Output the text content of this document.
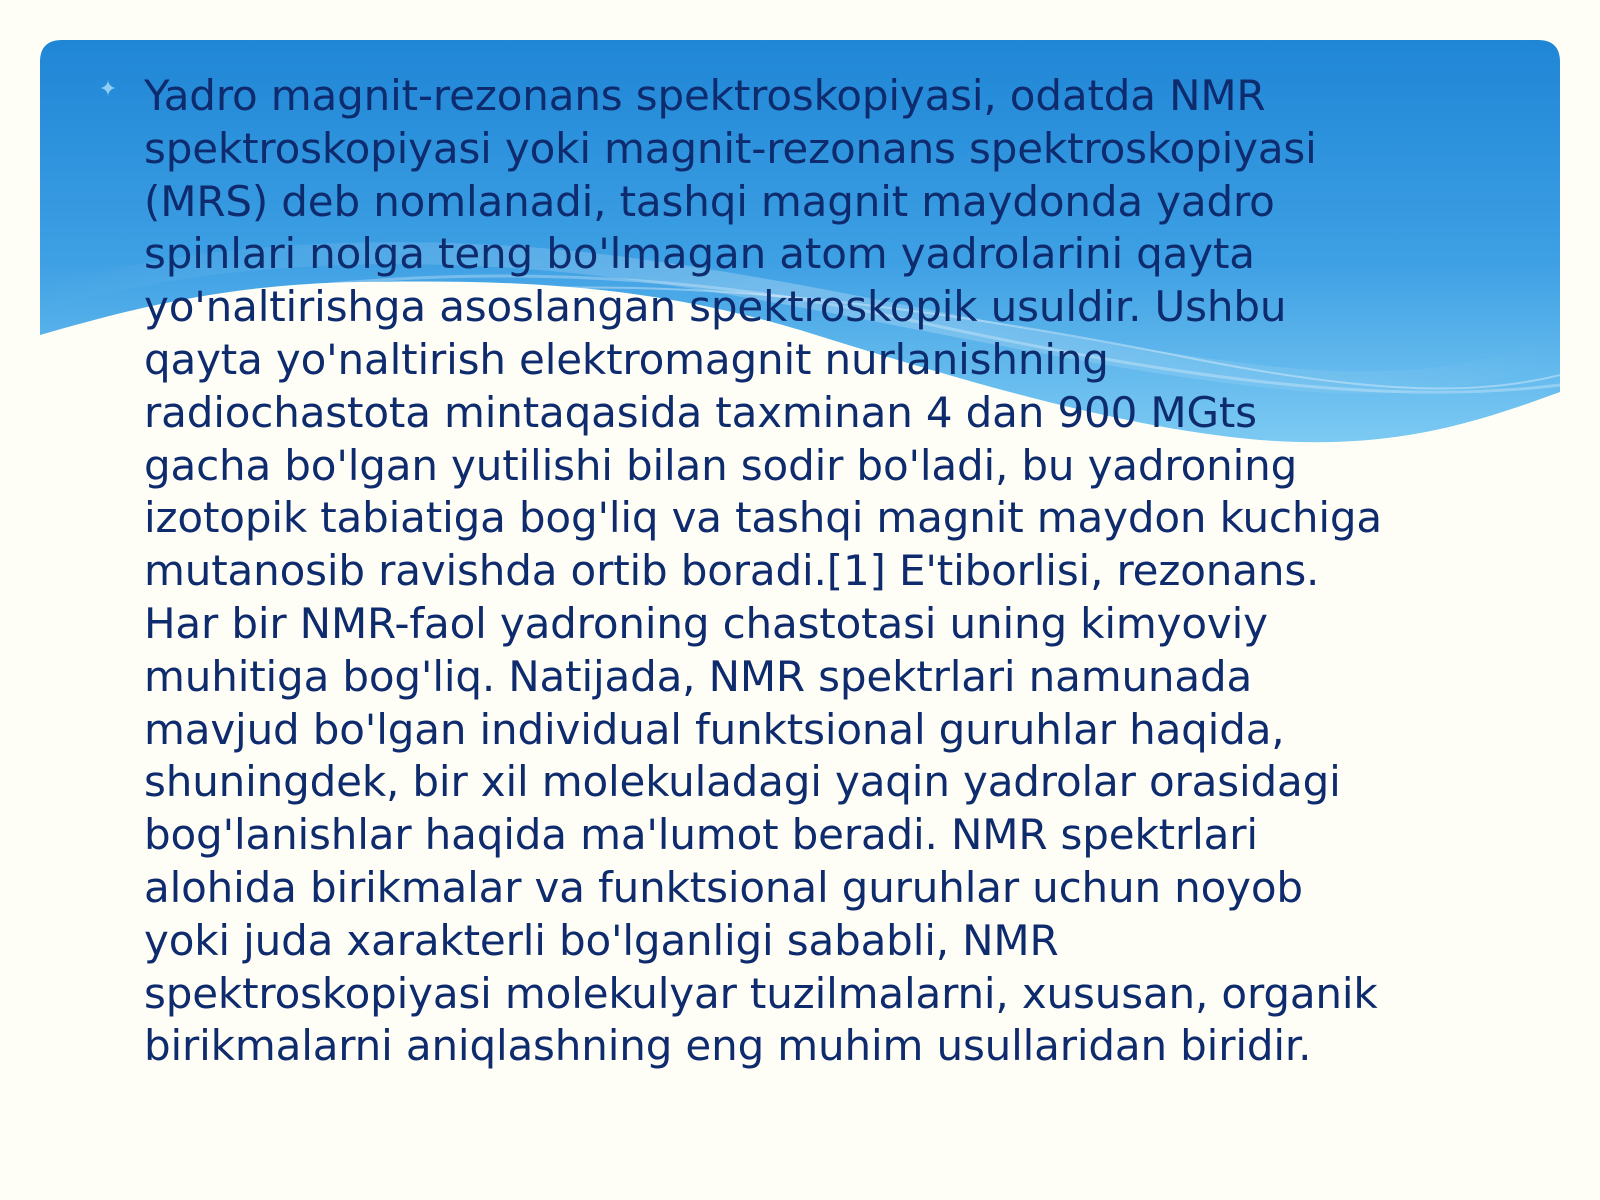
✦ Yadro magnit-rezonans spektroskopiyasi, odatda NMR
spektroskopiyasi yoki magnit-rezonans spektroskopiyasi
(MRS) deb nomlanadi, tashqi magnit maydonda yadro
spinlari nolga teng bo'lmagan atom yadrolarini qayta
yo'naltirishga asoslangan spektroskopik usuldir. Ushbu
qayta yo'naltirish elektromagnit nurlanishning
radiochastota mintaqasida taxminan 4 dan 900 MGts
gacha bo'lgan yutilishi bilan sodir bo'ladi, bu yadroning
izotopik tabiatiga bog'liq va tashqi magnit maydon kuchiga
mutanosib ravishda ortib boradi.[1] E'tiborlisi, rezonans.
Har bir NMR-faol yadroning chastotasi uning kimyoviy
muhitiga bog'liq. Natijada, NMR spektrlari namunada
mavjud bo'lgan individual funktsional guruhlar haqida,
shuningdek, bir xil molekuladagi yaqin yadrolar orasidagi
bog'lanishlar haqida ma'lumot beradi. NMR spektrlari
alohida birikmalar va funktsional guruhlar uchun noyob
yoki juda xarakterli bo'lganligi sababli, NMR
spektroskopiyasi molekulyar tuzilmalarni, xususan, organik
birikmalarni aniqlashning eng muhim usullaridan biridir.
